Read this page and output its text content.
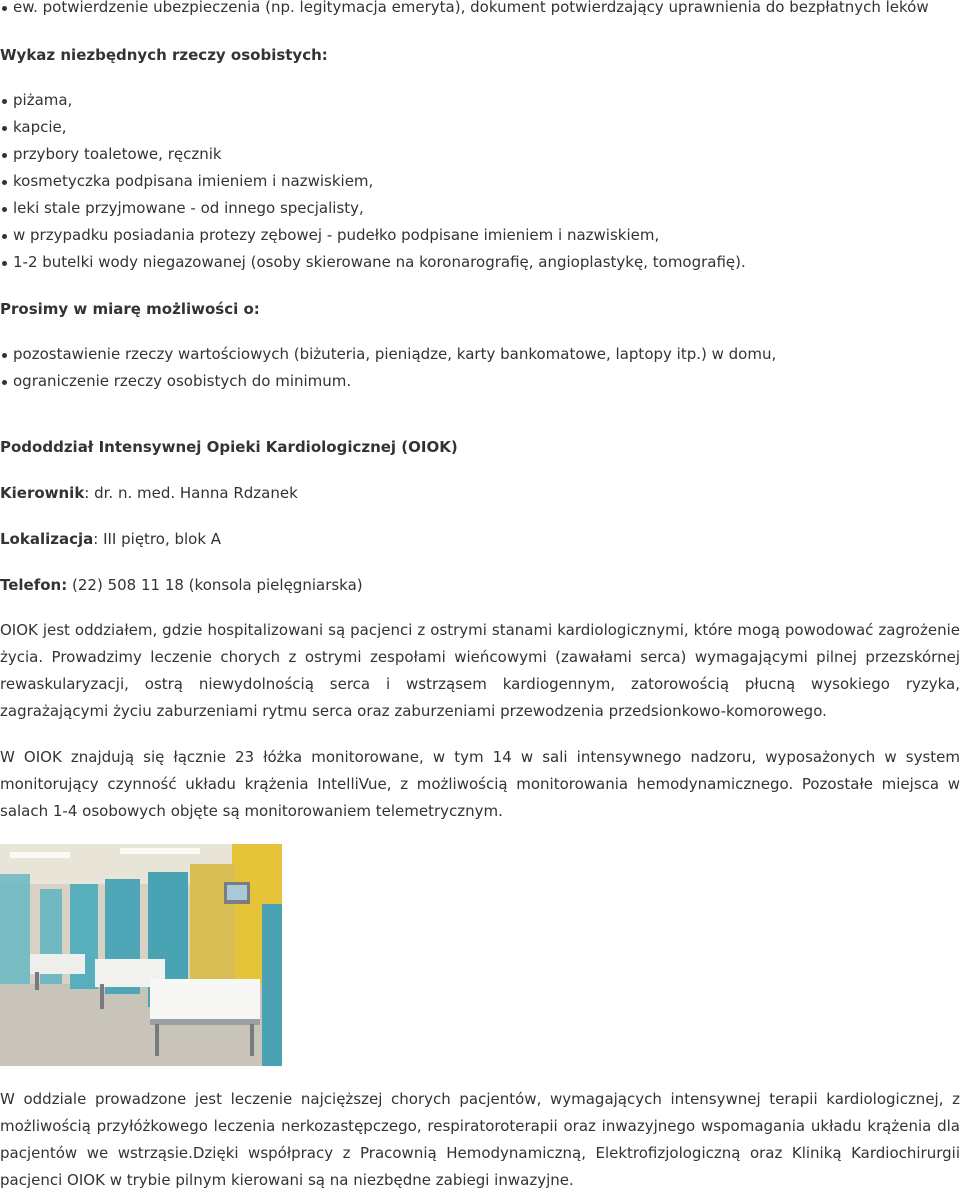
ew. potwierdzenie ubezpieczenia (np. legitymacja emeryta), dokument potwierdzający uprawnienia do bezpłatnych leków
Wykaz niezbędnych rzeczy osobistych:
piżama,
kapcie,
przybory toaletowe, ręcznik
kosmetyczka podpisana imieniem i nazwiskiem,
leki stale przyjmowane - od innego specjalisty,
w przypadku posiadania protezy zębowej - pudełko podpisane imieniem i nazwiskiem,
1-2 butelki wody niegazowanej (osoby skierowane na koronarografię, angioplastykę, tomografię).
Prosimy w miarę możliwości o:
pozostawienie rzeczy wartościowych (biżuteria, pieniądze, karty bankomatowe, laptopy itp.) w domu,
ograniczenie rzeczy osobistych do minimum.
Pododdział Intensywnej Opieki Kardiologicznej (OIOK)
Kierownik: dr. n. med. Hanna Rdzanek
Lokalizacja: III piętro, blok A
Telefon: (22) 508 11 18 (konsola pielęgniarska)

OIOK jest oddziałem, gdzie hospitalizowani są pacjenci z ostrymi stanami kardiologicznymi, które mogą powodować zagrożenie życia. Prowadzimy leczenie chorych z ostrymi zespołami wieńcowymi (zawałami serca) wymagającymi pilnej przezskórnej rewaskularyzacji, ostrą niewydolnością serca i wstrząsem kardiogennym, zatorowością płucną wysokiego ryzyka, zagrażającymi życiu zaburzeniami rytmu serca oraz zaburzeniami przewodzenia przedsionkowo-komorowego.

W OIOK znajdują się łącznie 23 łóżka monitorowane, w tym 14 w sali intensywnego nadzoru, wyposażonych w system monitorujący czynność układu krążenia IntelliVue, z możliwością monitorowania hemodynamicznego. Pozostałe miejsca w salach 1-4 osobowych objęte są monitorowaniem telemetrycznym.

W oddziale prowadzone jest leczenie najcięższej chorych pacjentów, wymagających intensywnej terapii kardiologicznej, z możliwością przyłóżkowego leczenia nerkozastępczego, respiratoroterapii oraz inwazyjnego wspomagania układu krążenia dla pacjentów we wstrząsie.Dzięki współpracy z Pracownią Hemodynamiczną, Elektrofizjologiczną oraz Kliniką Kardiochirurgii pacjenci OIOK w trybie pilnym kierowani są na niezbędne zabiegi inwazyjne.
